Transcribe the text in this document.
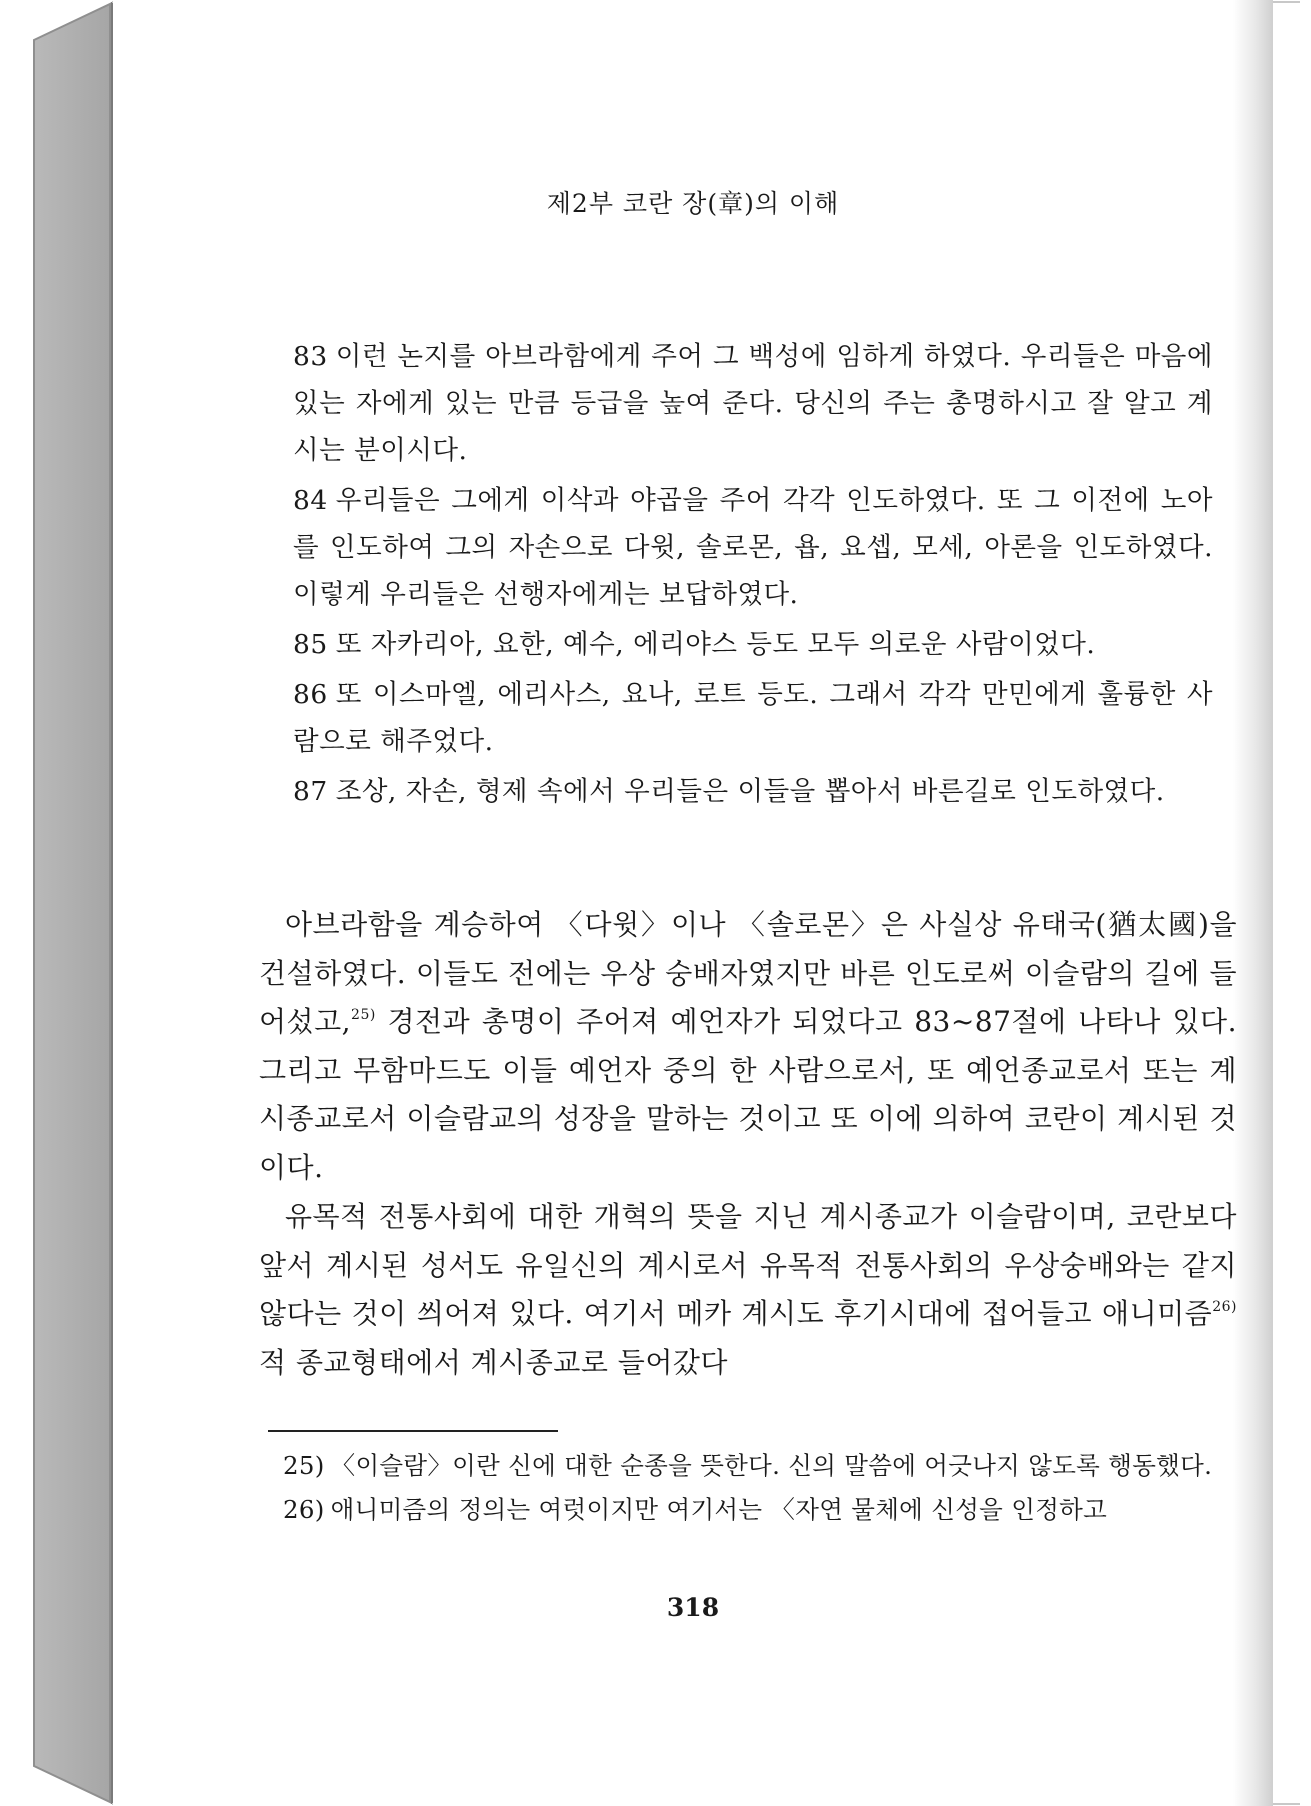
제2부 코란 장(章)의 이해

83 이런 논지를 아브라함에게 주어 그 백성에 임하게 하였다. 우리들은 마음에 있는 자에게 있는 만큼 등급을 높여 준다. 당신의 주는 총명하시고 잘 알고 계시는 분이시다.

84 우리들은 그에게 이삭과 야곱을 주어 각각 인도하였다. 또 그 이전에 노아를 인도하여 그의 자손으로 다윗, 솔로몬, 욥, 요셉, 모세, 아론을 인도하였다. 이렇게 우리들은 선행자에게는 보답하였다.

85 또 자카리아, 요한, 예수, 에리야스 등도 모두 의로운 사람이었다.

86 또 이스마엘, 에리사스, 요나, 로트 등도. 그래서 각각 만민에게 훌륭한 사람으로 해주었다.

87 조상, 자손, 형제 속에서 우리들은 이들을 뽑아서 바른길로 인도하였다.

아브라함을 계승하여 〈다윗〉이나 〈솔로몬〉은 사실상 유태국(猶太國)을 건설하였다. 이들도 전에는 우상 숭배자였지만 바른 인도로써 이슬람의 길에 들어섰고,$^{25)}$ 경전과 총명이 주어져 예언자가 되었다고 83~87절에 나타나 있다. 그리고 무함마드도 이들 예언자 중의 한 사람으로서, 또 예언종교로서 또는 계시종교로서 이슬람교의 성장을 말하는 것이고 또 이에 의하여 코란이 계시된 것이다.

유목적 전통사회에 대한 개혁의 뜻을 지닌 계시종교가 이슬람이며, 코란보다 앞서 계시된 성서도 유일신의 계시로서 유목적 전통사회의 우상숭배와는 같지 않다는 것이 씌어져 있다. 여기서 메카 계시도 후기시대에 접어들고 애니미즘$^{26)}$적 종교형태에서 계시종교로 들어갔다

25) 〈이슬람〉이란 신에 대한 순종을 뜻한다. 신의 말씀에 어긋나지 않도록 행동했다.

26) 애니미즘의 정의는 여럿이지만 여기서는 〈자연 물체에 신성을 인정하고

318
